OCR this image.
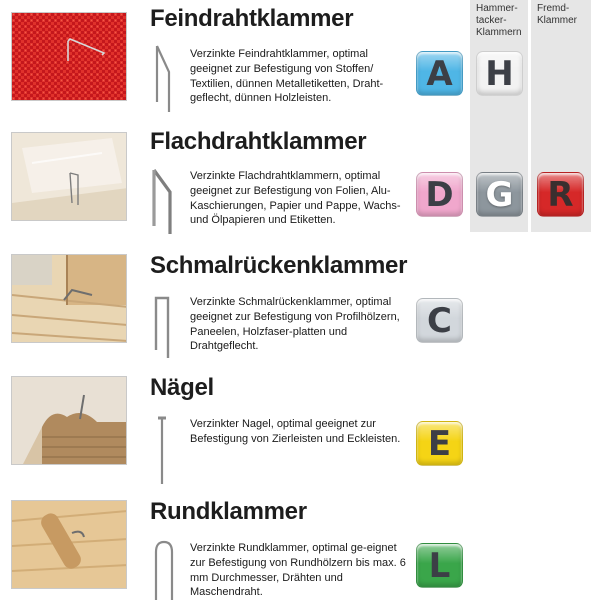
Hammer-
tacker-
Klammern
Fremd-
Klammer
Feindrahtklammer
Verzinkte Feindrahtklammer, optimal geeignet zur Befestigung von Stoffen/ Textilien, dünnen Metalletiketten, Draht-geflecht, dünnen Holzleisten.
A H
Flachdrahtklammer
Verzinkte Flachdrahtklammern, optimal geeignet zur Befestigung von Folien, Alu-Kaschierungen, Papier und Pappe, Wachs- und Ölpapieren und Etiketten.
D G R
Schmalrückenklammer
Verzinkte Schmalrückenklammer, optimal geeignet zur Befestigung von Profilhölzern, Paneelen, Holzfaser-platten und Drahtgeflecht.
C
Nägel
Verzinkter Nagel, optimal geeignet zur Befestigung von Zierleisten und Eckleisten. E
Rundklammer
Verzinkte Rundklammer, optimal ge-eignet zur Befestigung von Rundhölzern bis max. 6 mm Durchmesser, Drähten und Maschendraht.
L
